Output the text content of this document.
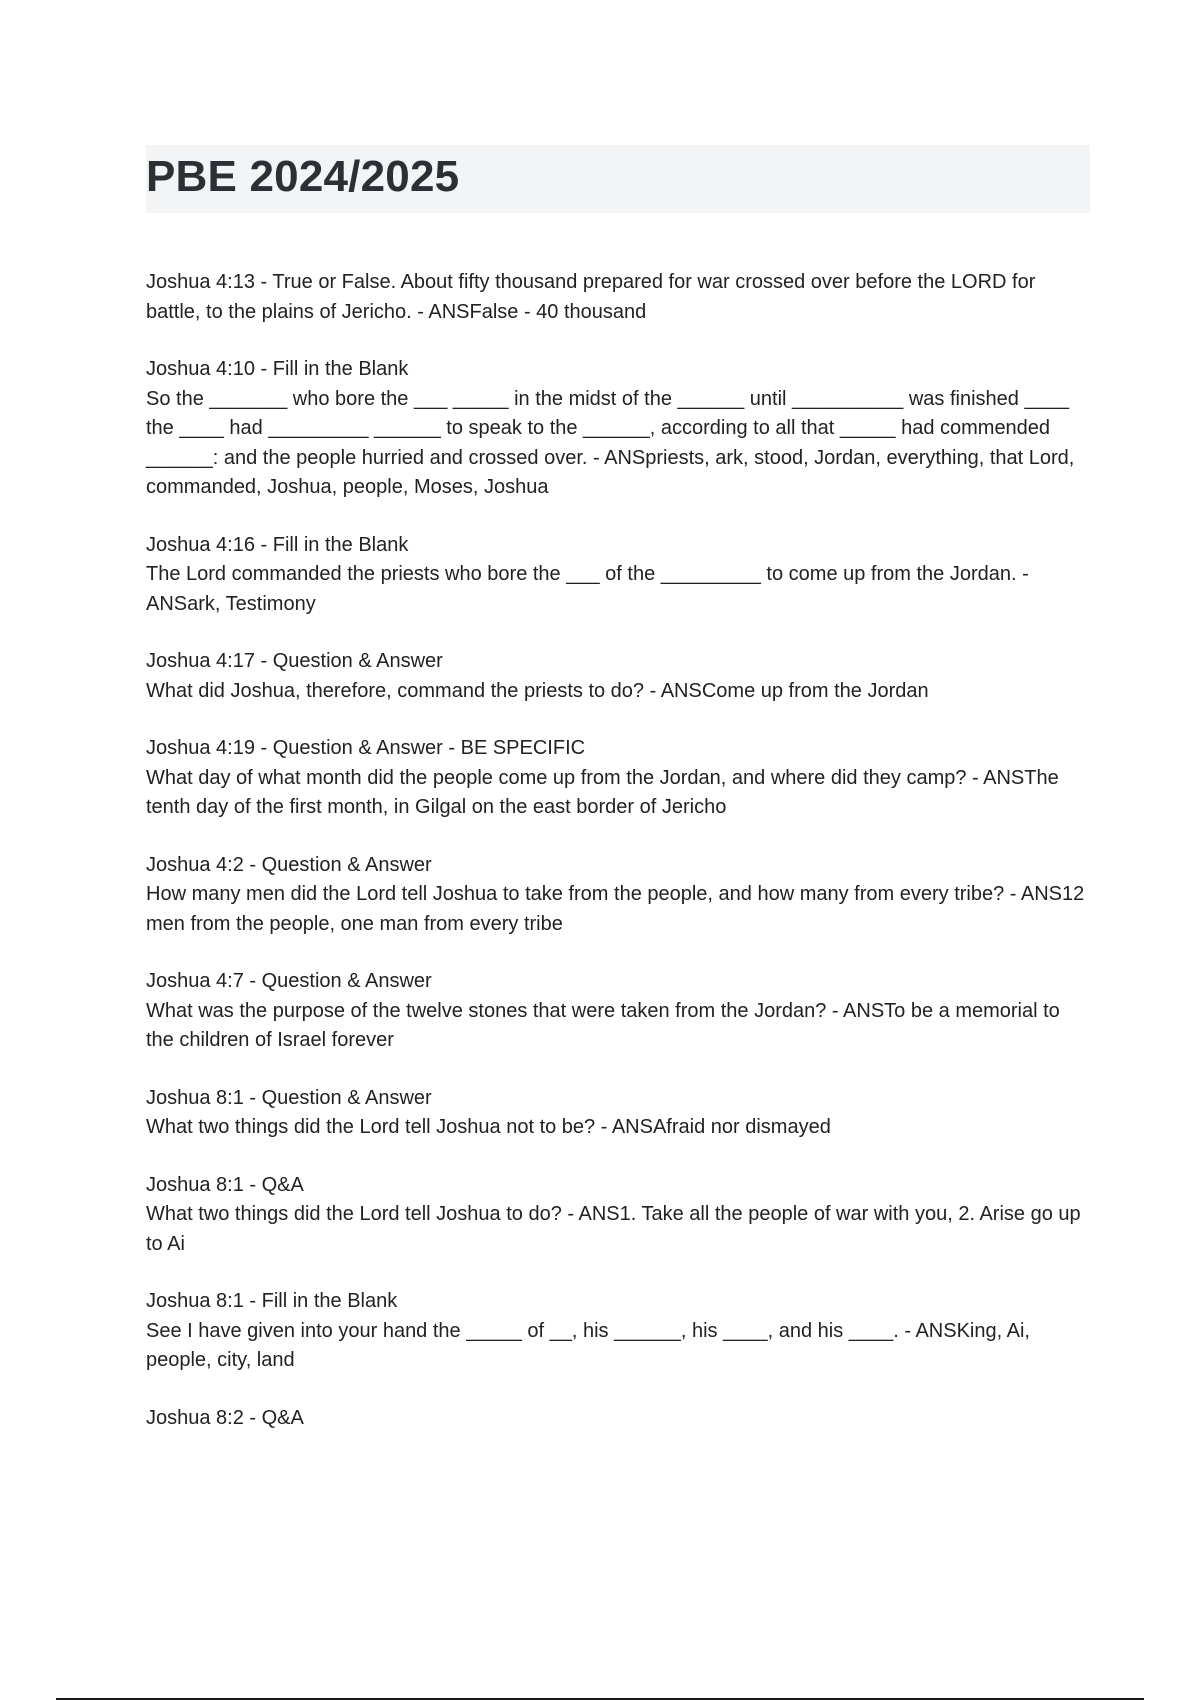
PBE 2024/2025
Joshua 4:13 - True or False. About fifty thousand prepared for war crossed over before the LORD for battle, to the plains of Jericho. - ANSFalse - 40 thousand
Joshua 4:10 - Fill in the Blank
So the _______ who bore the ___ _____ in the midst of the ______ until __________ was finished ____ the ____ had _________ ______ to speak to the ______, according to all that _____ had commended ______: and the people hurried and crossed over. - ANSpriests, ark, stood, Jordan, everything, that Lord, commanded, Joshua, people, Moses, Joshua
Joshua 4:16 - Fill in the Blank
The Lord commanded the priests who bore the ___ of the _________ to come up from the Jordan. - ANSark, Testimony
Joshua 4:17 - Question & Answer
What did Joshua, therefore, command the priests to do? - ANSCome up from the Jordan
Joshua 4:19 - Question & Answer - BE SPECIFIC
What day of what month did the people come up from the Jordan, and where did they camp? - ANSThe tenth day of the first month, in Gilgal on the east border of Jericho
Joshua 4:2 - Question & Answer
How many men did the Lord tell Joshua to take from the people, and how many from every tribe? - ANS12 men from the people, one man from every tribe
Joshua 4:7 - Question & Answer
What was the purpose of the twelve stones that were taken from the Jordan? - ANSTo be a memorial to the children of Israel forever
Joshua 8:1 - Question & Answer
What two things did the Lord tell Joshua not to be? - ANSAfraid nor dismayed
Joshua 8:1 - Q&A
What two things did the Lord tell Joshua to do? - ANS1. Take all the people of war with you, 2. Arise go up to Ai
Joshua 8:1 - Fill in the Blank
See I have given into your hand the _____ of __, his ______, his ____, and his ____. - ANSKing, Ai, people, city, land
Joshua 8:2 - Q&A
